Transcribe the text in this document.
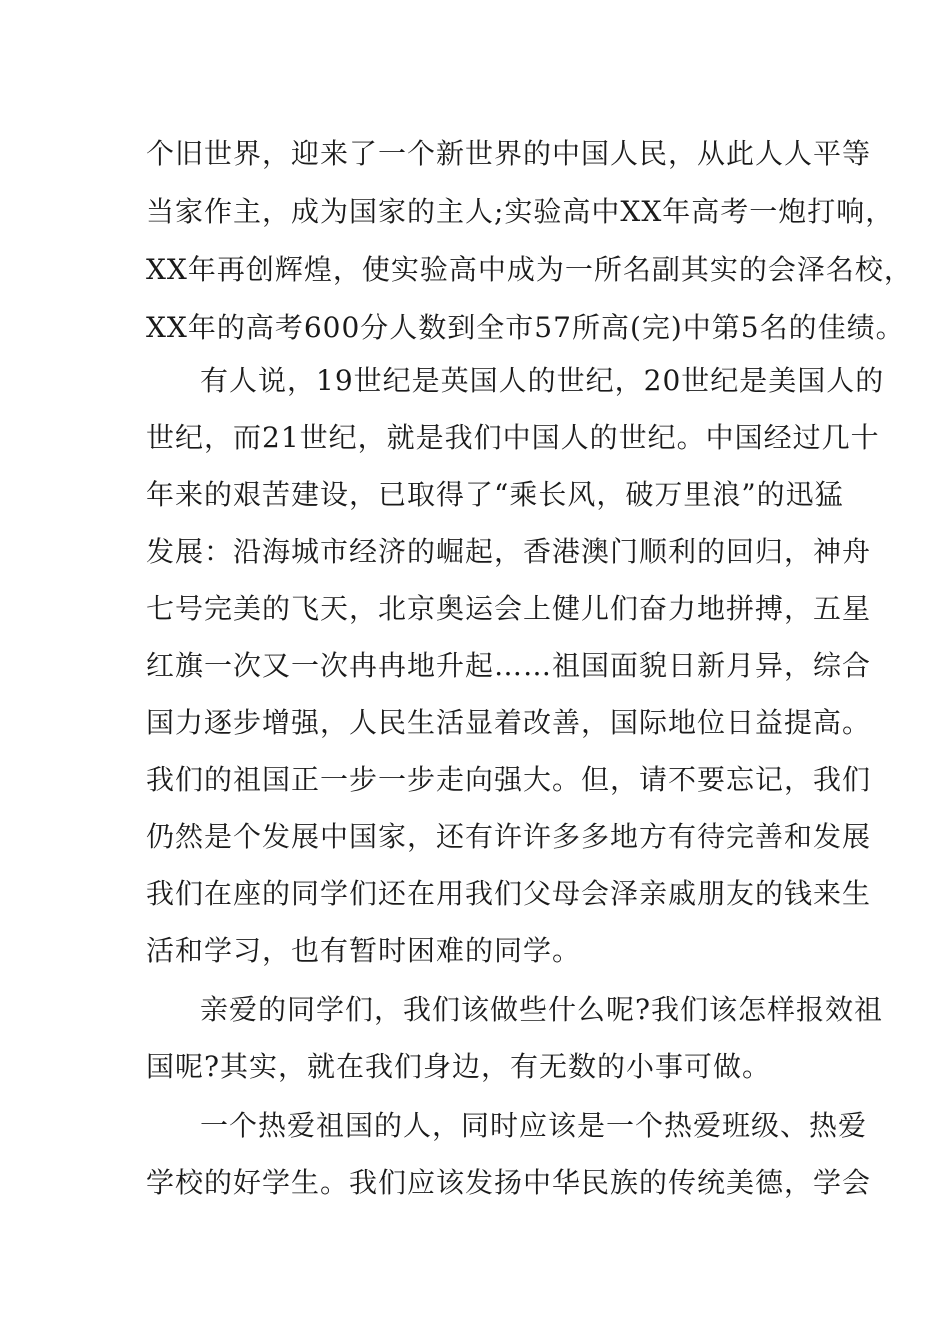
个旧世界，迎来了一个新世界的中国人民，从此人人平等
当家作主，成为国家的主人;实验高中XX年高考一炮打响，
XX年再创辉煌，使实验高中成为一所名副其实的会泽名校，
XX年的高考600分人数到全市57所高(完)中第5名的佳绩。
有人说，19世纪是英国人的世纪，20世纪是美国人的
世纪，而21世纪，就是我们中国人的世纪。中国经过几十
年来的艰苦建设，已取得了“乘长风，破万里浪”的迅猛
发展：沿海城市经济的崛起，香港澳门顺利的回归，神舟
七号完美的飞天，北京奥运会上健儿们奋力地拼搏，五星
红旗一次又一次冉冉地升起……祖国面貌日新月异，综合
国力逐步增强，人民生活显着改善，国际地位日益提高。
我们的祖国正一步一步走向强大。但，请不要忘记，我们
仍然是个发展中国家，还有许许多多地方有待完善和发展
我们在座的同学们还在用我们父母会泽亲戚朋友的钱来生
活和学习，也有暂时困难的同学。
亲爱的同学们，我们该做些什么呢?我们该怎样报效祖
国呢?其实，就在我们身边，有无数的小事可做。
一个热爱祖国的人，同时应该是一个热爱班级、热爱
学校的好学生。我们应该发扬中华民族的传统美德，学会
